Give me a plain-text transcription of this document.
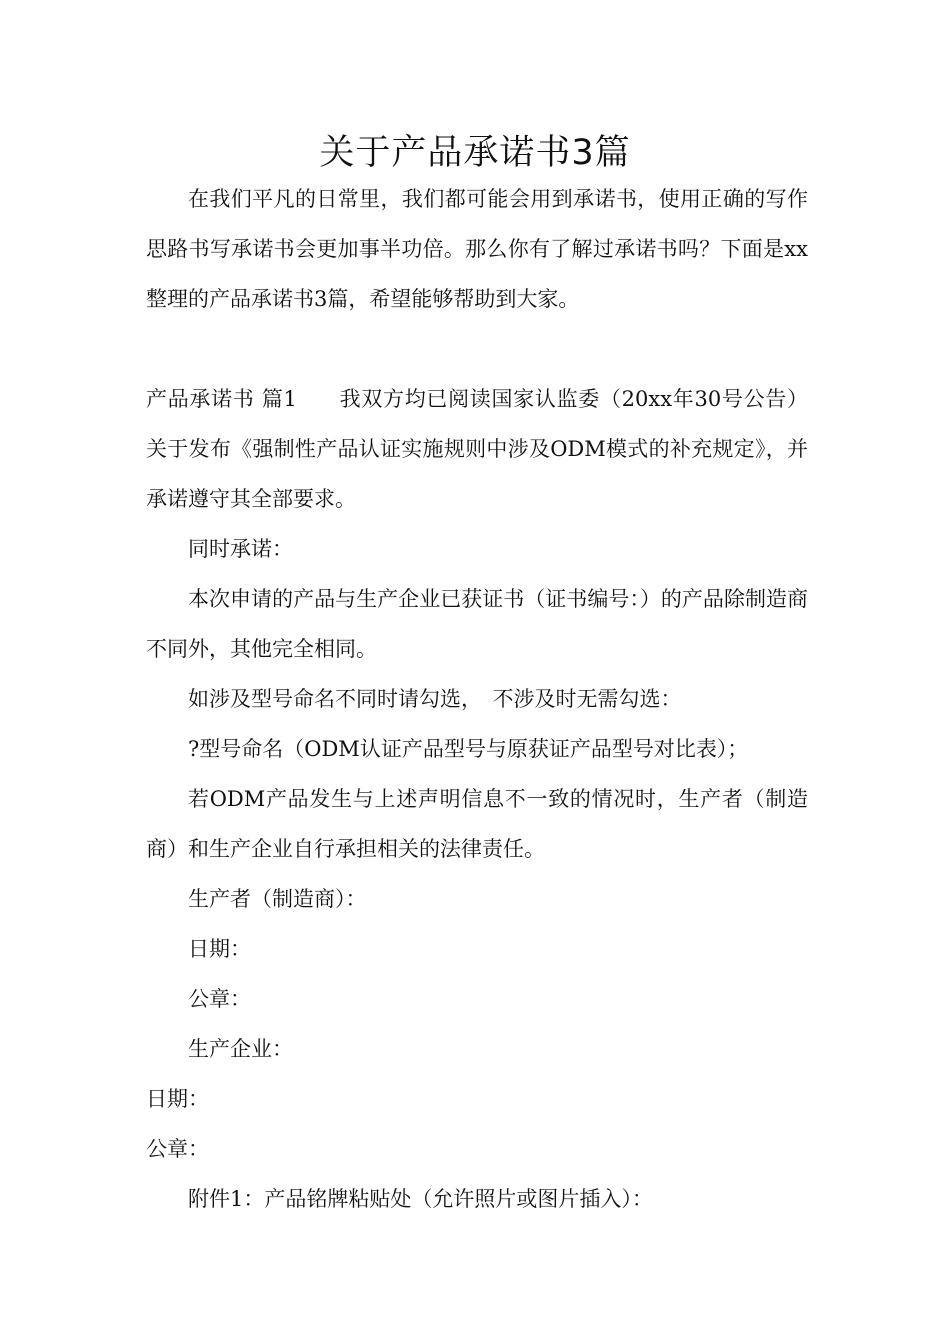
关于产品承诺书3篇

在我们平凡的日常里，我们都可能会用到承诺书，使用正确的写作思路书写承诺书会更加事半功倍。那么你有了解过承诺书吗？下面是xx整理的产品承诺书3篇，希望能够帮助到大家。

产品承诺书 篇1   我双方均已阅读国家认监委（20xx年30号公告）关于发布《强制性产品认证实施规则中涉及ODM模式的补充规定》，并承诺遵守其全部要求。

同时承诺：

本次申请的产品与生产企业已获证书（证书编号：）的产品除制造商不同外，其他完全相同。

如涉及型号命名不同时请勾选，　不涉及时无需勾选：

?型号命名（ODM认证产品型号与原获证产品型号对比表）；

若ODM产品发生与上述声明信息不一致的情况时，生产者（制造商）和生产企业自行承担相关的法律责任。

生产者（制造商）：

日期：

公章：

生产企业：

日期：

公章：

附件1：产品铭牌粘贴处（允许照片或图片插入）：
